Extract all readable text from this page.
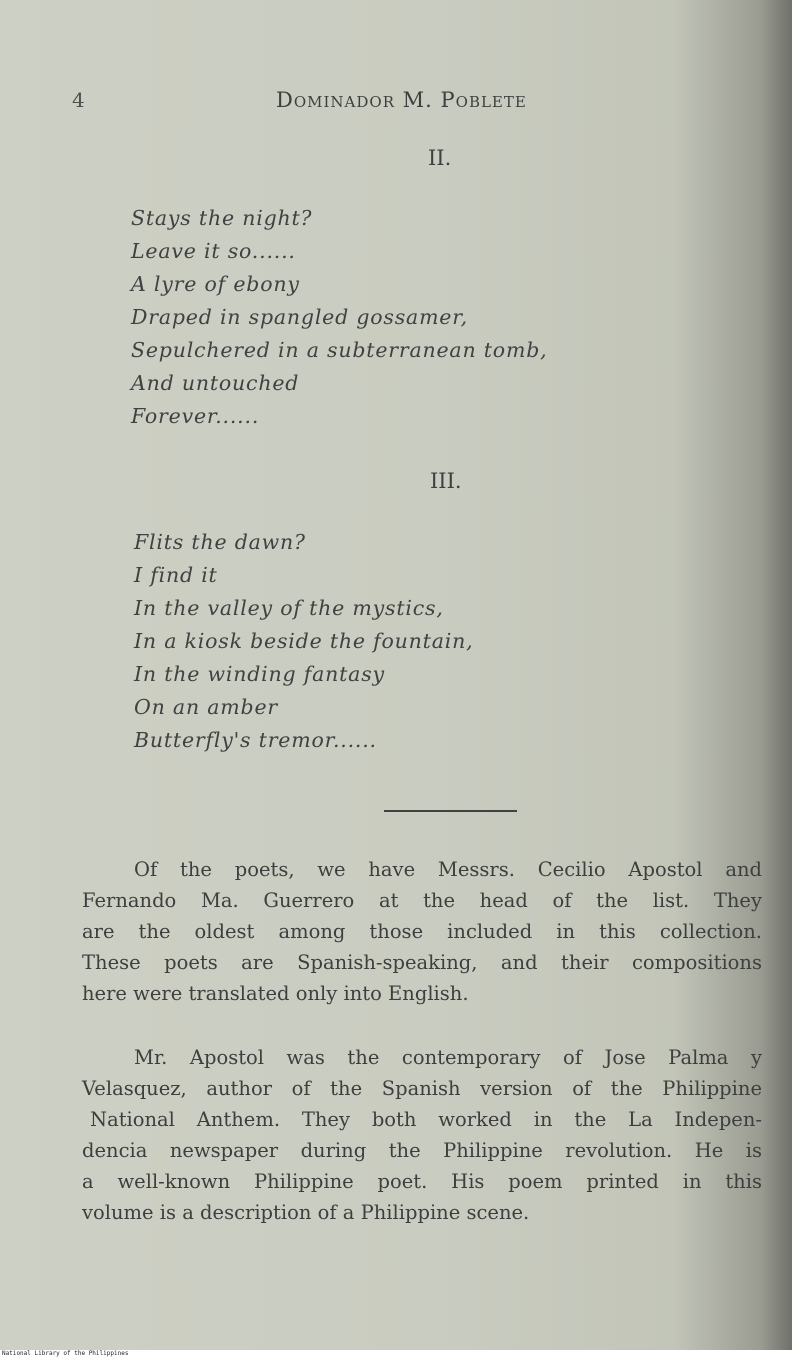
4	Dominador M. Poblete
II.
Stays the night?
Leave it so......
A lyre of ebony
Draped in spangled gossamer,
Sepulchered in a subterranean tomb,
And untouched
Forever......
III.
Flits the dawn?
I find it
In the valley of the mystics,
In a kiosk beside the fountain,
In the winding fantasy
On an amber
Butterfly's tremor......
Of the poets, we have Messrs. Cecilio Apostol and
Fernando Ma. Guerrero at the head of the list. They
are the oldest among those included in this collection.
These poets are Spanish-speaking, and their compositions
here were translated only into English.
Mr. Apostol was the contemporary of Jose Palma y
Velasquez, author of the Spanish version of the Philippine
National Anthem. They both worked in the La Indepen-
dencia newspaper during the Philippine revolution. He is
a well-known Philippine poet. His poem printed in this
volume is a description of a Philippine scene.
National Library of the Philippines
